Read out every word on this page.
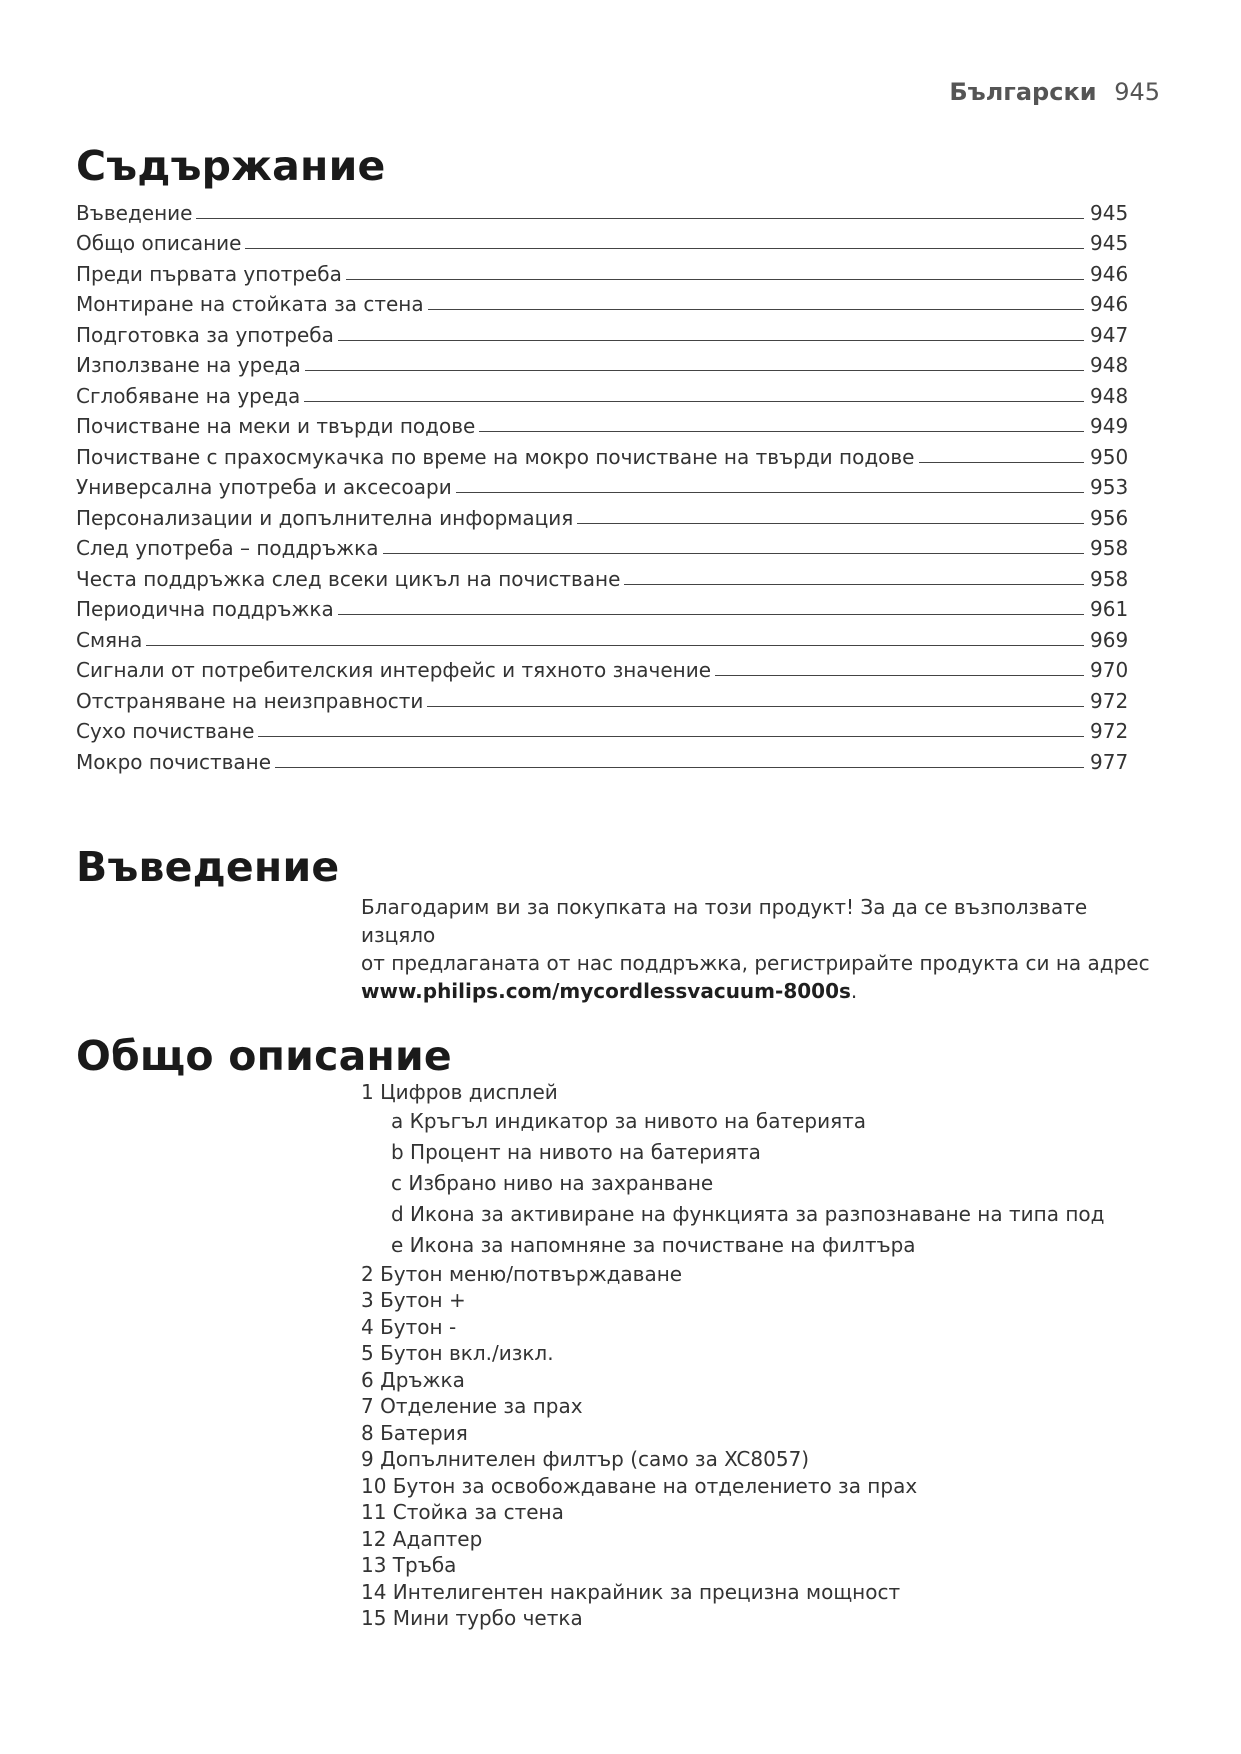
Български 945
Съдържание
Въведение	945
Общо описание	945
Преди първата употреба	946
Монтиране на стойката за стена	946
Подготовка за употреба	947
Използване на уреда	948
Сглобяване на уреда	948
Почистване на меки и твърди подове	949
Почистване с прахосмукачка по време на мокро почистване на твърди подове	950
Универсална употреба и аксесоари	953
Персонализации и допълнителна информация	956
След употреба – поддръжка	958
Честа поддръжка след всеки цикъл на почистване	958
Периодична поддръжка	961
Смяна	969
Сигнали от потребителския интерфейс и тяхното значение	970
Отстраняване на неизправности	972
Сухо почистване	972
Мокро почистване	977
Въведение
Благодарим ви за покупката на този продукт! За да се възползвате изцяло
от предлаганата от нас поддръжка, регистрирайте продукта си на адрес
www.philips.com/mycordlessvacuum-8000s.
Общо описание
1 Цифров дисплей
a Кръгъл индикатор за нивото на батерията
b Процент на нивото на батерията
c Избрано ниво на захранване
d Икона за активиране на функцията за разпознаване на типа под
e Икона за напомняне за почистване на филтъра
2 Бутон меню/потвърждаване
3 Бутон +
4 Бутон -
5 Бутон вкл./изкл.
6 Дръжка
7 Отделение за прах
8 Батерия
9 Допълнителен филтър (само за XC8057)
10 Бутон за освобождаване на отделението за прах
11 Стойка за стена
12 Адаптер
13 Тръба
14 Интелигентен накрайник за прецизна мощност
15 Мини турбо четка
